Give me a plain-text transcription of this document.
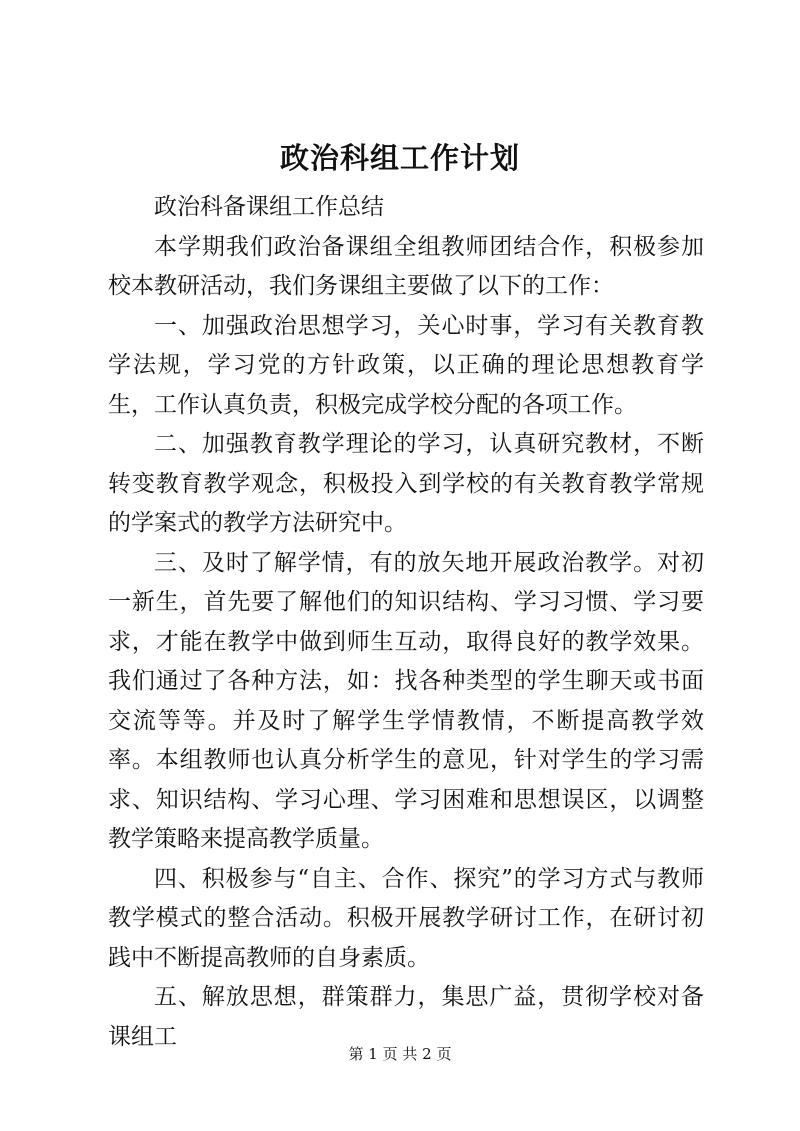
政治科组工作计划

政治科备课组工作总结

本学期我们政治备课组全组教师团结合作，积极参加校本教研活动，我们务课组主要做了以下的工作：

一、加强政治思想学习，关心时事，学习有关教育教学法规，学习党的方针政策，以正确的理论思想教育学生，工作认真负责，积极完成学校分配的各项工作。

二、加强教育教学理论的学习，认真研究教材，不断转变教育教学观念，积极投入到学校的有关教育教学常规的学案式的教学方法研究中。

三、及时了解学情，有的放矢地开展政治教学。对初一新生，首先要了解他们的知识结构、学习习惯、学习要求，才能在教学中做到师生互动，取得良好的教学效果。我们通过了各种方法，如：找各种类型的学生聊天或书面交流等等。并及时了解学生学情教情，不断提高教学效率。本组教师也认真分析学生的意见，针对学生的学习需求、知识结构、学习心理、学习困难和思想误区，以调整教学策略来提高教学质量。

四、积极参与“自主、合作、探究”的学习方式与教师教学模式的整合活动。积极开展教学研讨工作，在研讨初践中不断提高教师的自身素质。

五、解放思想，群策群力，集思广益，贯彻学校对备课组工

第 1 页 共 2 页
